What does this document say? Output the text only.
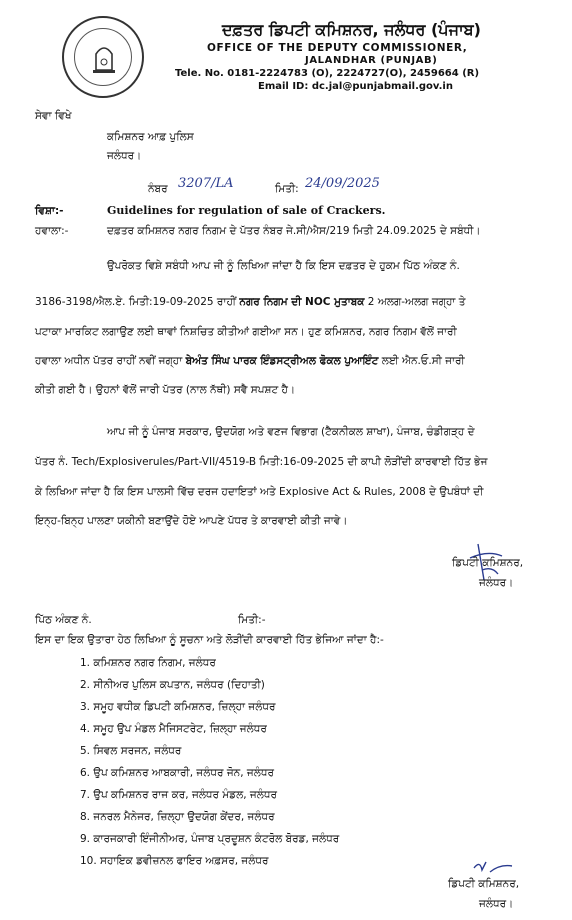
ਦਫ਼ਤਰ ਡਿਪਟੀ ਕਮਿਸ਼ਨਰ, ਜਲੰਧਰ (ਪੰਜਾਬ)
OFFICE OF THE DEPUTY COMMISSIONER,
JALANDHAR (PUNJAB)
Tele. No. 0181-2224783 (O), 2224727(O), 2459664 (R)
Email ID: dc.jal@punjabmail.gov.in
ਸੇਵਾ ਵਿਖੇ
ਕਮਿਸ਼ਨਰ ਆਫ਼ ਪੁਲਿਸ
ਜਲੰਧਰ।
ਨੰਬਰ 3207/LA	ਮਿਤੀ: 24/09/2025
ਵਿਸ਼ਾ:-	Guidelines for regulation of sale of Crackers.
ਹਵਾਲਾ:-	ਦਫ਼ਤਰ ਕਮਿਸ਼ਨਰ ਨਗਰ ਨਿਗਮ ਦੇ ਪੱਤਰ ਨੰਬਰ ਜੇ.ਸੀ/ਐਸ/219 ਮਿਤੀ 24.09.2025 ਦੇ ਸਬੰਧੀ।
ਉਪਰੋਕਤ ਵਿਸ਼ੇ ਸਬੰਧੀ ਆਪ ਜੀ ਨੂੰ ਲਿਖਿਆ ਜਾਂਦਾ ਹੈ ਕਿ ਇਸ ਦਫ਼ਤਰ ਦੇ ਹੁਕਮ ਪਿੱਠ ਅੰਕਣ ਨੰ.
3186-3198/ਐਲ.ਏ. ਮਿਤੀ:19-09-2025 ਰਾਹੀਂ ਨਗਰ ਨਿਗਮ ਦੀ NOC ਮੁਤਾਬਕ 2 ਅਲਗ-ਅਲਗ ਜਗ੍ਹਾ ਤੇ
ਪਟਾਕਾ ਮਾਰਕਿਟ ਲਗਾਉਣ ਲਈ ਥਾਵਾਂ ਨਿਸ਼ਚਿਤ ਕੀਤੀਆਂ ਗਈਆ ਸਨ। ਹੁਣ ਕਮਿਸ਼ਨਰ, ਨਗਰ ਨਿਗਮ ਵੱਲੋਂ ਜਾਰੀ
ਹਵਾਲਾ ਅਧੀਨ ਪੱਤਰ ਰਾਹੀਂ ਨਵੀਂ ਜਗ੍ਹਾ ਬੇਅੰਤ ਸਿੰਘ ਪਾਰਕ ਇੰਡਸਟ੍ਰੀਅਲ ਫੋਕਲ ਪੁਆਇੰਟ ਲਈ ਐਨ.ਓ.ਸੀ ਜਾਰੀ
ਕੀਤੀ ਗਈ ਹੈ। ਉਹਨਾਂ ਵੱਲੋਂ ਜਾਰੀ ਪੱਤਰ (ਨਾਲ ਨੱਥੀ) ਸਵੈ ਸਪਸ਼ਟ ਹੈ।
ਆਪ ਜੀ ਨੂੰ ਪੰਜਾਬ ਸਰਕਾਰ, ਉਦਯੋਗ ਅਤੇ ਵਣਜ ਵਿਭਾਗ (ਟੈਕਨੀਕਲ ਸ਼ਾਖਾ), ਪੰਜਾਬ, ਚੰਡੀਗੜ੍ਹ ਦੇ
ਪੱਤਰ ਨੰ. Tech/Explosiverules/Part-VII/4519-B ਮਿਤੀ:16-09-2025 ਦੀ ਕਾਪੀ ਲੋੜੀਂਦੀ ਕਾਰਵਾਈ ਹਿੱਤ ਭੇਜ
ਕੇ ਲਿਖਿਆ ਜਾਂਦਾ ਹੈ ਕਿ ਇਸ ਪਾਲਸੀ ਵਿੱਚ ਦਰਜ ਹਦਾਇਤਾਂ ਅਤੇ Explosive Act & Rules, 2008 ਦੇ ਉਪਬੰਧਾਂ ਦੀ
ਇਨ੍ਹ-ਬਿਨ੍ਹ ਪਾਲਣਾ ਯਕੀਨੀ ਬਣਾਉਂਦੇ ਹੋਏ ਆਪਣੇ ਪੱਧਰ ਤੇ ਕਾਰਵਾਈ ਕੀਤੀ ਜਾਵੇ।
ਡਿਪਟੀ ਕਮਿਸ਼ਨਰ,
ਜਲੰਧਰ।
ਪਿੱਠ ਅੰਕਣ ਨੰ.	ਮਿਤੀ:-
ਇਸ ਦਾ ਇਕ ਉਤਾਰਾ ਹੇਠ ਲਿਖਿਆ ਨੂੰ ਸੂਚਨਾ ਅਤੇ ਲੋੜੀਂਦੀ ਕਾਰਵਾਈ ਹਿੱਤ ਭੇਜਿਆ ਜਾਂਦਾ ਹੈ:-
1. ਕਮਿਸ਼ਨਰ ਨਗਰ ਨਿਗਮ, ਜਲੰਧਰ
2. ਸੀਨੀਅਰ ਪੁਲਿਸ ਕਪਤਾਨ, ਜਲੰਧਰ (ਦਿਹਾਤੀ)
3. ਸਮੂਹ ਵਧੀਕ ਡਿਪਟੀ ਕਮਿਸ਼ਨਰ, ਜ਼ਿਲ੍ਹਾ ਜਲੰਧਰ
4. ਸਮੂਹ ਉਪ ਮੰਡਲ ਮੈਜਿਸਟਰੇਟ, ਜ਼ਿਲ੍ਹਾ ਜਲੰਧਰ
5. ਸਿਵਲ ਸਰਜਨ, ਜਲੰਧਰ
6. ਉਪ ਕਮਿਸ਼ਨਰ ਆਬਕਾਰੀ, ਜਲੰਧਰ ਜੋਨ, ਜਲੰਧਰ
7. ਉਪ ਕਮਿਸ਼ਨਰ ਰਾਜ ਕਰ, ਜਲੰਧਰ ਮੰਡਲ, ਜਲੰਧਰ
8. ਜਨਰਲ ਮੈਨੇਜਰ, ਜ਼ਿਲ੍ਹਾ ਉਦਯੋਗ ਕੇਂਦਰ, ਜਲੰਧਰ
9. ਕਾਰਜਕਾਰੀ ਇੰਜੀਨੀਅਰ, ਪੰਜਾਬ ਪ੍ਰਦੂਸ਼ਨ ਕੰਟਰੋਲ ਬੋਰਡ, ਜਲੰਧਰ
10. ਸਹਾਇਕ ਡਵੀਜ਼ਨਲ ਫਾਇਰ ਅਫ਼ਸਰ, ਜਲੰਧਰ
ਡਿਪਟੀ ਕਮਿਸ਼ਨਰ,
ਜਲੰਧਰ।
